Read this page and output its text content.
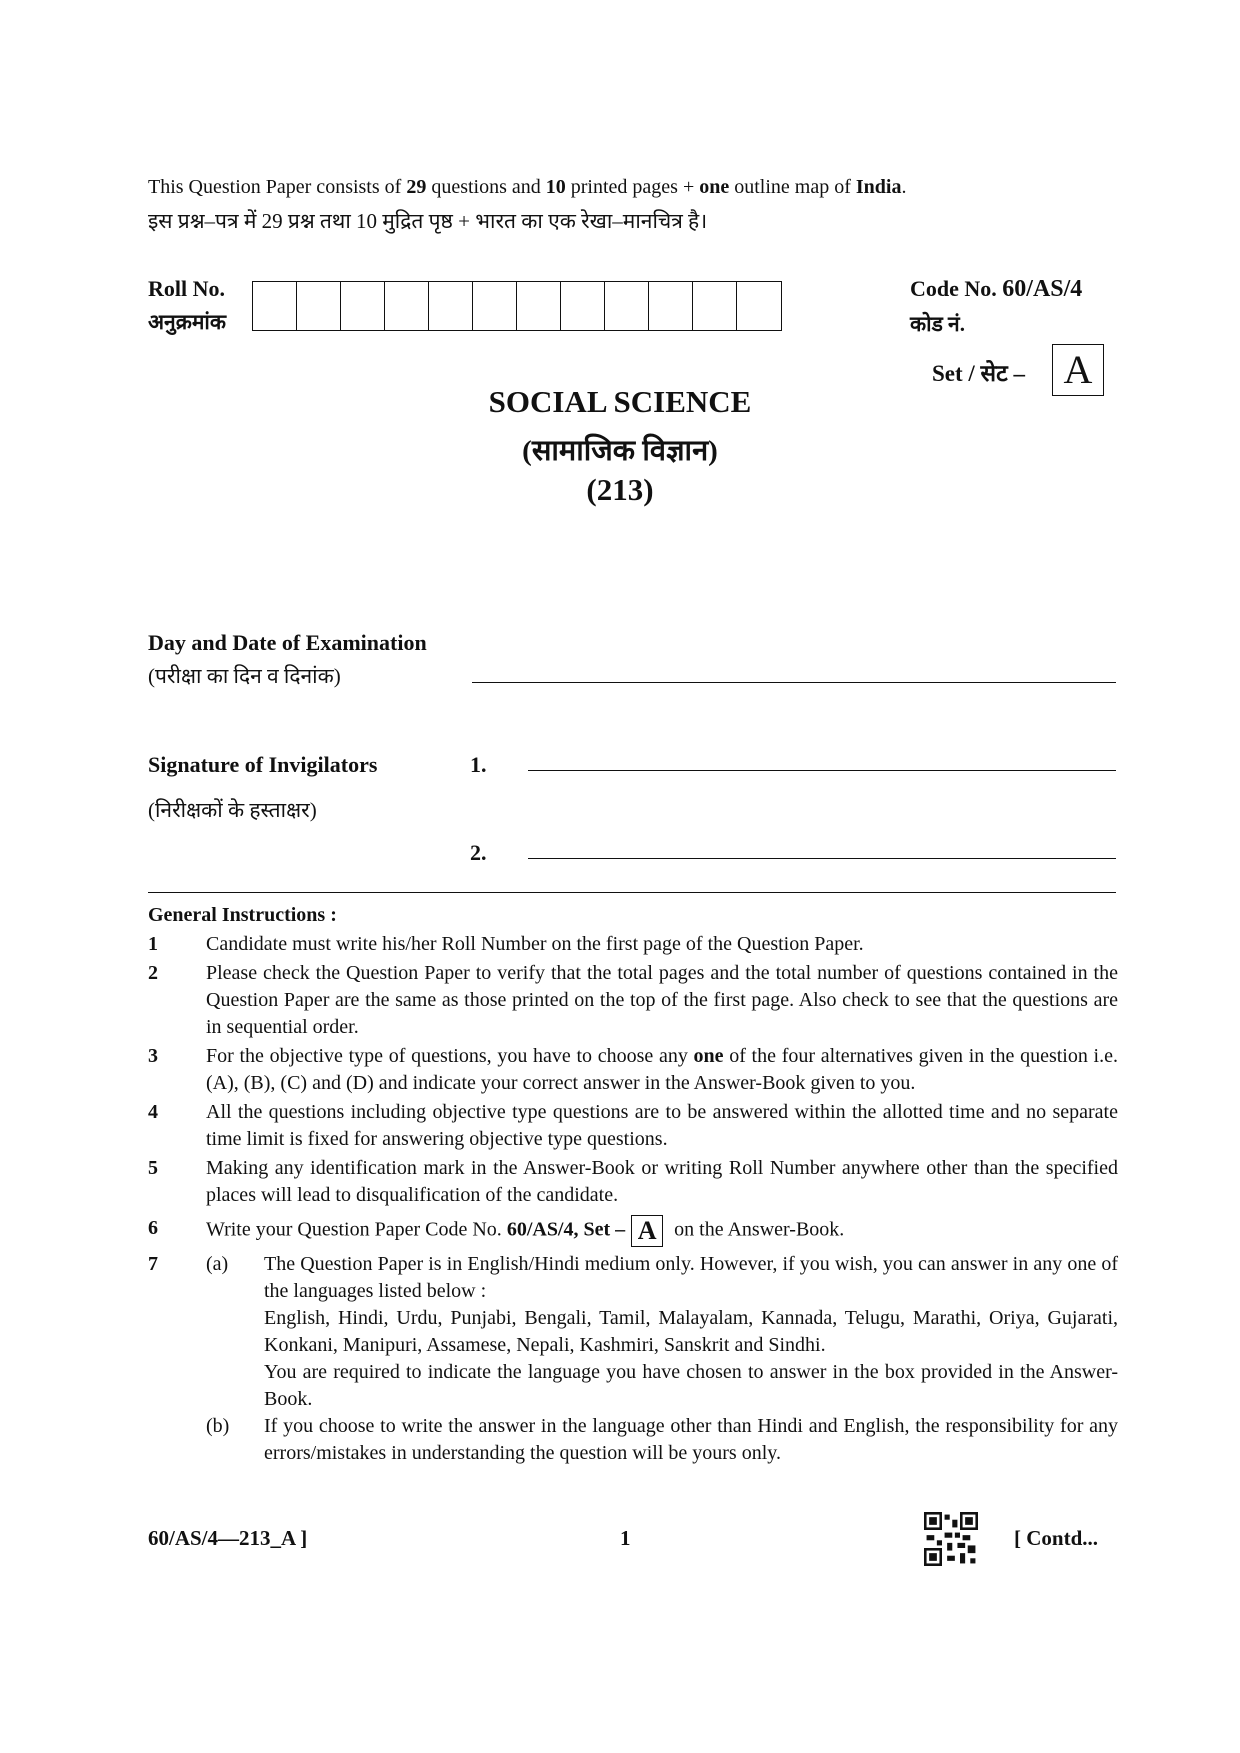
This Question Paper consists of 29 questions and 10 printed pages + one outline map of India.
इस प्रश्न–पत्र में 29 प्रश्न तथा 10 मुद्रित पृष्ठ + भारत का एक रेखा–मानचित्र है।
Roll No.
अनुक्रमांक
Code No. 60/AS/4
कोड नं.
Set / सेट – A
SOCIAL SCIENCE
(सामाजिक विज्ञान)
(213)
Day and Date of Examination
(परीक्षा का दिन व दिनांक)
Signature of Invigilators	1.
(निरीक्षकों के हस्ताक्षर)
2.
General Instructions :
1	Candidate must write his/her Roll Number on the first page of the Question Paper.
2	Please check the Question Paper to verify that the total pages and the total number of questions contained in the Question Paper are the same as those printed on the top of the first page. Also check to see that the questions are in sequential order.
3	For the objective type of questions, you have to choose any one of the four alternatives given in the question i.e. (A), (B), (C) and (D) and indicate your correct answer in the Answer-Book given to you.
4	All the questions including objective type questions are to be answered within the allotted time and no separate time limit is fixed for answering objective type questions.
5	Making any identification mark in the Answer-Book or writing Roll Number anywhere other than the specified places will lead to disqualification of the candidate.
6	Write your Question Paper Code No. 60/AS/4, Set – A on the Answer-Book.
7	(a)	The Question Paper is in English/Hindi medium only. However, if you wish, you can answer in any one of the languages listed below :
English, Hindi, Urdu, Punjabi, Bengali, Tamil, Malayalam, Kannada, Telugu, Marathi, Oriya, Gujarati, Konkani, Manipuri, Assamese, Nepali, Kashmiri, Sanskrit and Sindhi.
You are required to indicate the language you have chosen to answer in the box provided in the Answer-Book.
(b)	If you choose to write the answer in the language other than Hindi and English, the responsibility for any errors/mistakes in understanding the question will be yours only.
60/AS/4—213_A ]	1	[ Contd...
